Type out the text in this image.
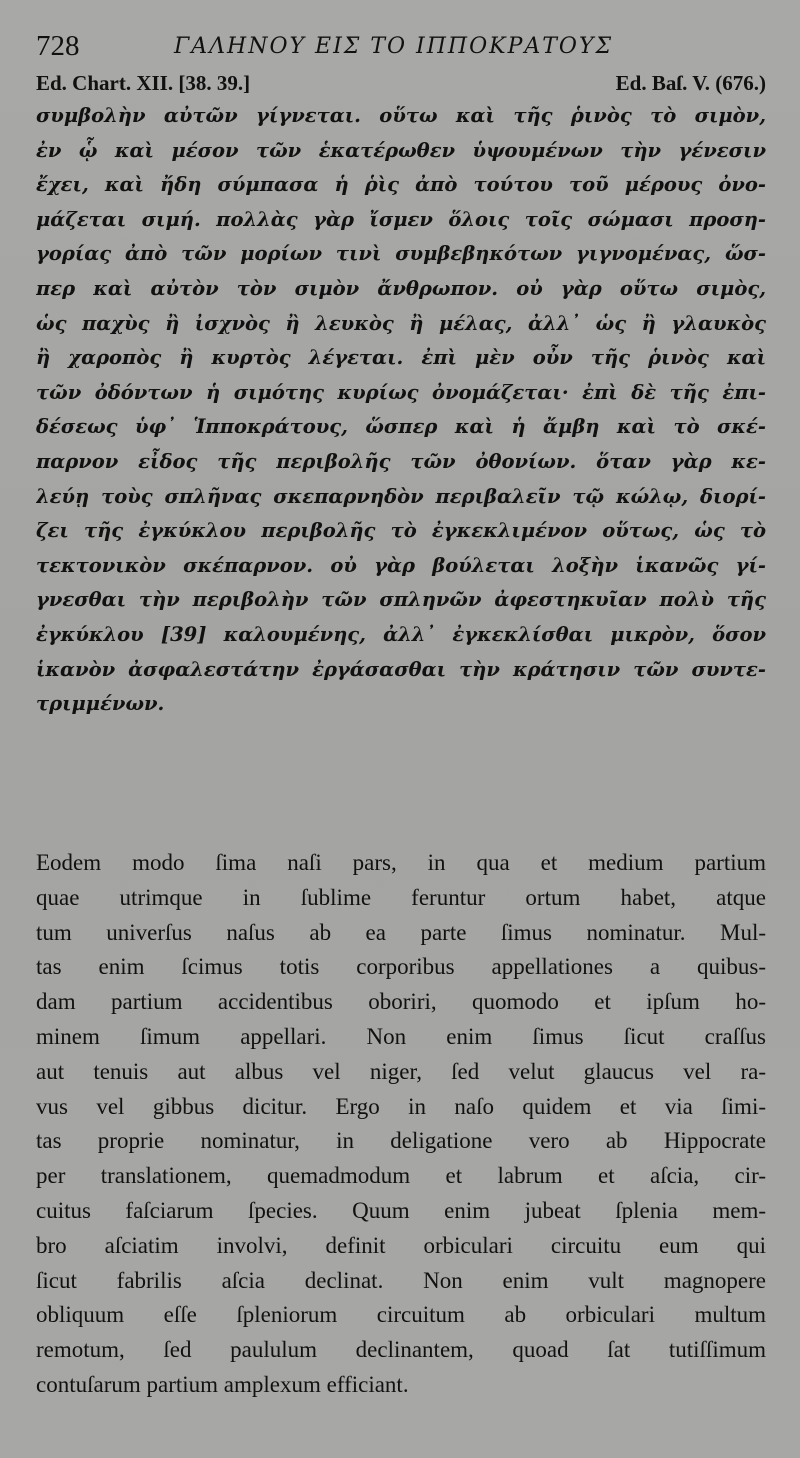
728	ΓΑΛΗΝΟΥ ΕΙΣ ΤΟ ΙΠΠΟΚΡΑΤΟΥΣ
Ed. Chart. XII. [38. 39.]	Ed. Baſ. V. (676.)
συμβολὴν αὐτῶν γίγνεται. οὕτω καὶ τῆς ῥινὸς τὸ σιμὸν,
ἐν ᾧ καὶ μέσον τῶν ἑκατέρωθεν ὑψουμένων τὴν γένεσιν
ἔχει, καὶ ἤδη σύμπασα ἡ ῥὶς ἀπὸ τούτου τοῦ μέρους ὀνο-
μάζεται σιμή. πολλὰς γὰρ ἴσμεν ὅλοις τοῖς σώμασι προση-
γορίας ἀπὸ τῶν μορίων τινὶ συμβεβηκότων γιγνομένας, ὥσ-
περ καὶ αὐτὸν τὸν σιμὸν ἄνθρωπον. οὐ γὰρ οὕτω σιμὸς,
ὡς παχὺς ἢ ἰσχνὸς ἢ λευκὸς ἢ μέλας, ἀλλ᾽ ὡς ἢ γλαυκὸς
ἢ χαροπὸς ἢ κυρτὸς λέγεται. ἐπὶ μὲν οὖν τῆς ῥινὸς καὶ
τῶν ὀδόντων ἡ σιμότης κυρίως ὀνομάζεται· ἐπὶ δὲ τῆς ἐπι-
δέσεως ὑφ᾽ Ἱπποκράτους, ὥσπερ καὶ ἡ ἄμβη καὶ τὸ σκέ-
παρνον εἶδος τῆς περιβολῆς τῶν ὀθονίων. ὅταν γὰρ κε-
λεύῃ τοὺς σπλῆνας σκεπαρνηδὸν περιβαλεῖν τῷ κώλῳ, διορί-
ζει τῆς ἐγκύκλου περιβολῆς τὸ ἐγκεκλιμένον οὕτως, ὡς τὸ
τεκτονικὸν σκέπαρνον. οὐ γὰρ βούλεται λοξὴν ἱκανῶς γί-
γνεσθαι τὴν περιβολὴν τῶν σπληνῶν ἀφεστηκυῖαν πολὺ τῆς
ἐγκύκλου [39] καλουμένης, ἀλλ᾽ ἐγκεκλίσθαι μικρὸν, ὅσον
ἱκανὸν ἀσφαλεστάτην ἐργάσασθαι τὴν κράτησιν τῶν συντε-
τριμμένων.
Eodem modo ſima naſi pars, in qua et medium partium
quae utrimque in ſublime feruntur ortum habet, atque
tum univerſus naſus ab ea parte ſimus nominatur. Mul-
tas enim ſcimus totis corporibus appellationes a quibus-
dam partium accidentibus oboriri, quomodo et ipſum ho-
minem ſimum appellari. Non enim ſimus ſicut craſſus
aut tenuis aut albus vel niger, ſed velut glaucus vel ra-
vus vel gibbus dicitur. Ergo in naſo quidem et via ſimi-
tas proprie nominatur, in deligatione vero ab Hippocrate
per translationem, quemadmodum et labrum et aſcia, cir-
cuitus faſciarum ſpecies. Quum enim jubeat ſplenia mem-
bro aſciatim involvi, definit orbiculari circuitu eum qui
ſicut fabrilis aſcia declinat. Non enim vult magnopere
obliquum eſſe ſpleniorum circuitum ab orbiculari multum
remotum, ſed paululum declinantem, quoad ſat tutiſſimum
contuſarum partium amplexum efficiant.
